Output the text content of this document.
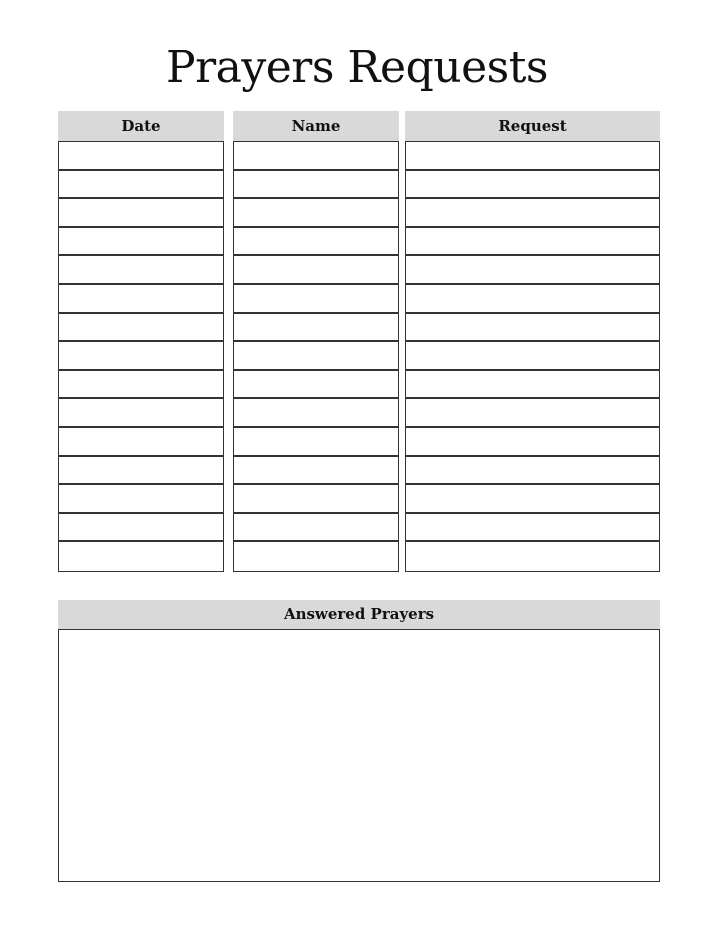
Prayers Requests
Date	Name	Request
Answered Prayers
